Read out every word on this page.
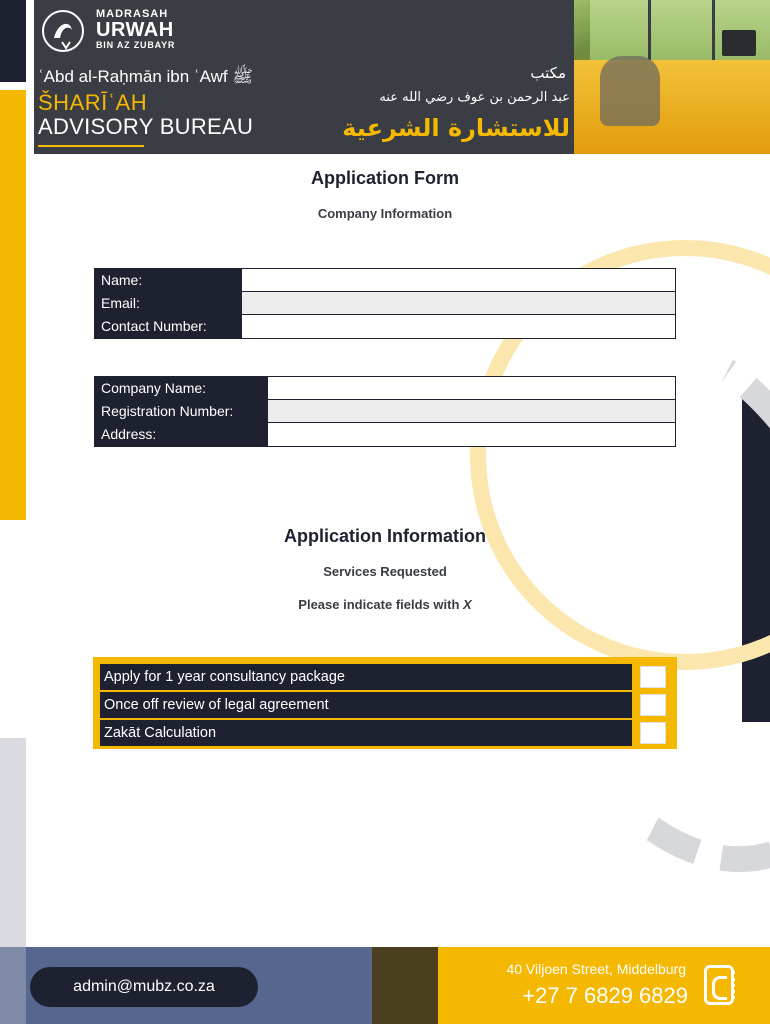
MADRASAH
URWAH
BIN AZ ZUBAYR
ʿAbd al-Raḥmān ibn ʿAwf ﷺ
ŠHARĪʿAH
ADVISORY BUREAU
مكتب
عبد الرحمن بن عوف رضي الله عنه
للاستشارة الشرعية
Application Form
Company Information
Name:
Email:
Contact Number:
Company Name:
Registration Number:
Address:
Application Information
Services Requested
Please indicate fields with X
Apply for 1 year consultancy package
Once off review of legal agreement
Zakāt Calculation
admin@mubz.co.za
40 Viljoen Street, Middelburg
+27 7 6829 6829
